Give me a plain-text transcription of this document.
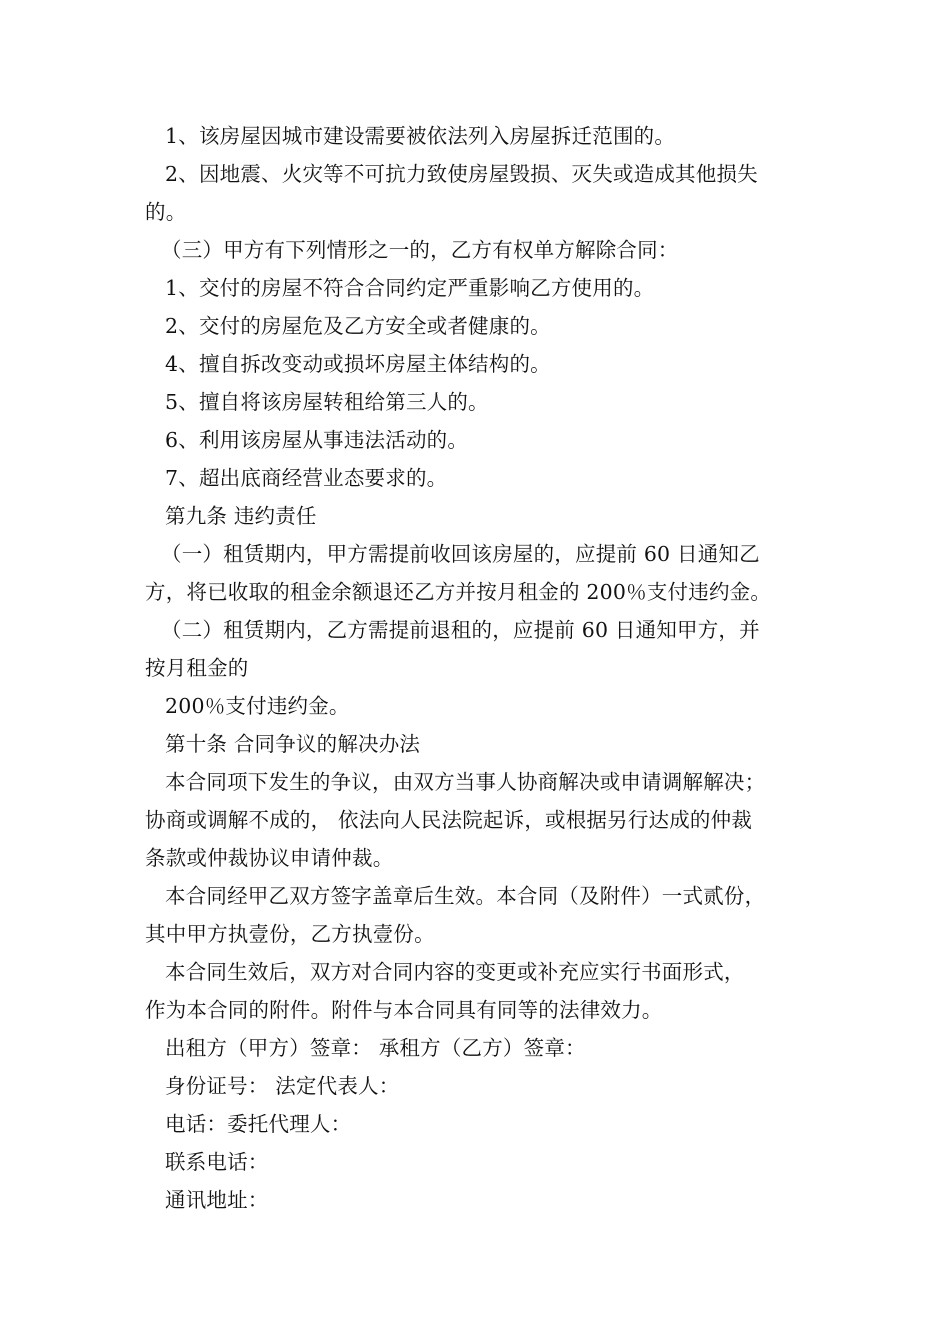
1、该房屋因城市建设需要被依法列入房屋拆迁范围的。
2、因地震、火灾等不可抗力致使房屋毁损、灭失或造成其他损失
的。
（三）甲方有下列情形之一的，乙方有权单方解除合同：
1、交付的房屋不符合合同约定严重影响乙方使用的。
2、交付的房屋危及乙方安全或者健康的。
4、擅自拆改变动或损坏房屋主体结构的。
5、擅自将该房屋转租给第三人的。
6、利用该房屋从事违法活动的。
7、超出底商经营业态要求的。
第九条 违约责任
（一）租赁期内，甲方需提前收回该房屋的，应提前 60 日通知乙
方，将已收取的租金余额退还乙方并按月租金的 200％支付违约金。
（二）租赁期内，乙方需提前退租的，应提前 60 日通知甲方，并
按月租金的
200％支付违约金。
第十条 合同争议的解决办法
本合同项下发生的争议，由双方当事人协商解决或申请调解解决；
协商或调解不成的， 依法向人民法院起诉，或根据另行达成的仲裁
条款或仲裁协议申请仲裁。
本合同经甲乙双方签字盖章后生效。本合同（及附件）一式贰份，
其中甲方执壹份，乙方执壹份。
本合同生效后，双方对合同内容的变更或补充应实行书面形式，
作为本合同的附件。附件与本合同具有同等的法律效力。
出租方（甲方）签章： 承租方（乙方）签章：
身份证号： 法定代表人：
电话：委托代理人：
联系电话：
通讯地址：
